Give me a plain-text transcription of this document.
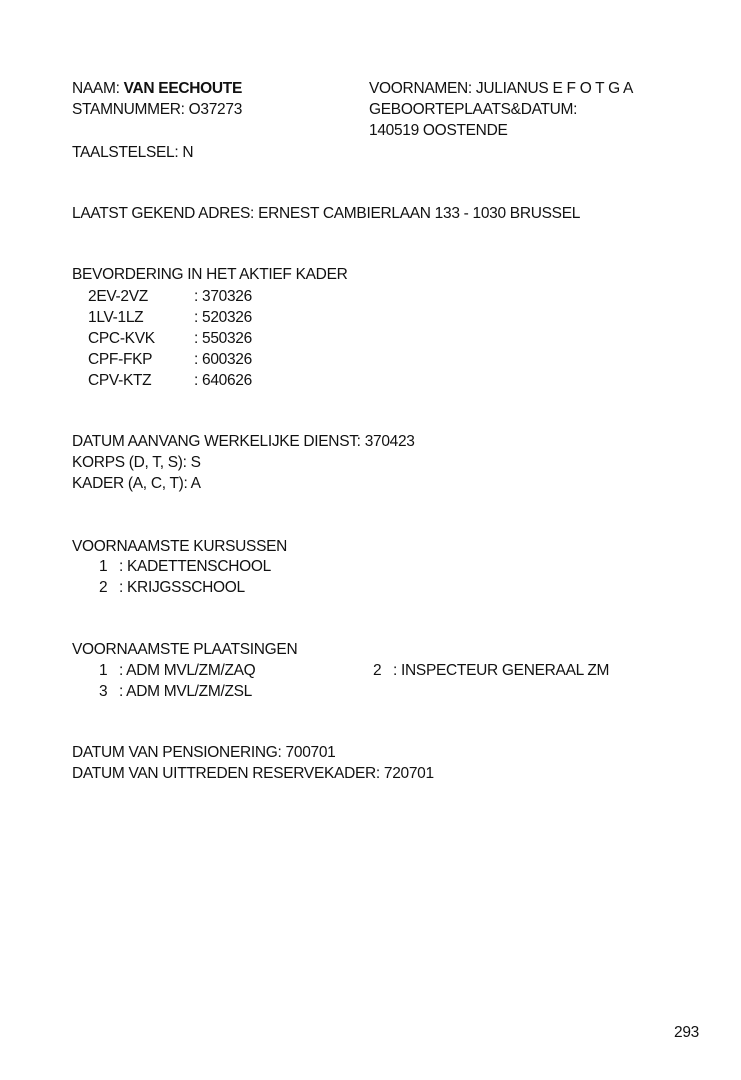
NAAM: VAN EECHOUTE
STAMNUMMER: O37273
VOORNAMEN: JULIANUS E F O T G A
GEBOORTEPLAATS&DATUM:
140519 OOSTENDE
TAALSTELSEL: N
LAATST GEKEND ADRES: ERNEST CAMBIERLAAN 133 - 1030 BRUSSEL
BEVORDERING IN HET AKTIEF KADER
2EV-2VZ	: 370326
1LV-1LZ	: 520326
CPC-KVK	: 550326
CPF-FKP	: 600326
CPV-KTZ	: 640626
DATUM AANVANG WERKELIJKE DIENST: 370423
KORPS (D, T, S): S
KADER (A, C, T): A
VOORNAAMSTE KURSUSSEN
1 : KADETTENSCHOOL
2 : KRIJGSSCHOOL
VOORNAAMSTE PLAATSINGEN
1 : ADM MVL/ZM/ZAQ	2 : INSPECTEUR GENERAAL ZM
3 : ADM MVL/ZM/ZSL
DATUM VAN PENSIONERING: 700701
DATUM VAN UITTREDEN RESERVEKADER: 720701
293
